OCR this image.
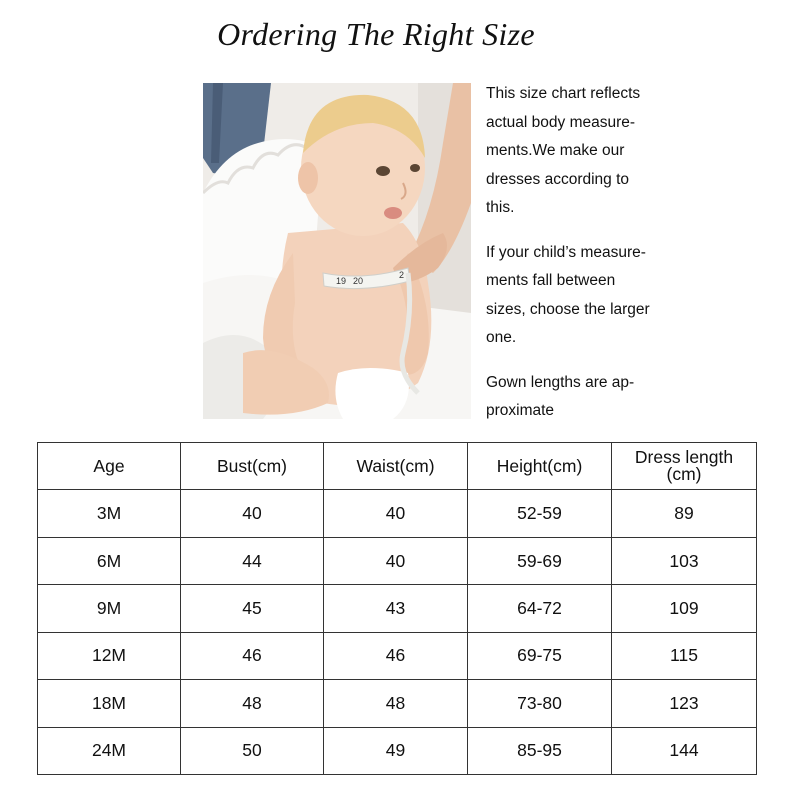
Ordering The Right Size
19 20
2

This size chart reflects
actual body measure-
ments.We make our
dresses according to
this.

If your child’s measure-
ments fall between
sizes, choose the larger
one.

Gown lengths are ap-
proximate

Age	Bust(cm)	Waist(cm)	Height(cm)	Dress length
(cm)
3M	40	40	52-59	89
6M	44	40	59-69	103
9M	45	43	64-72	109
12M	46	46	69-75	115
18M	48	48	73-80	123
24M	50	49	85-95	144
